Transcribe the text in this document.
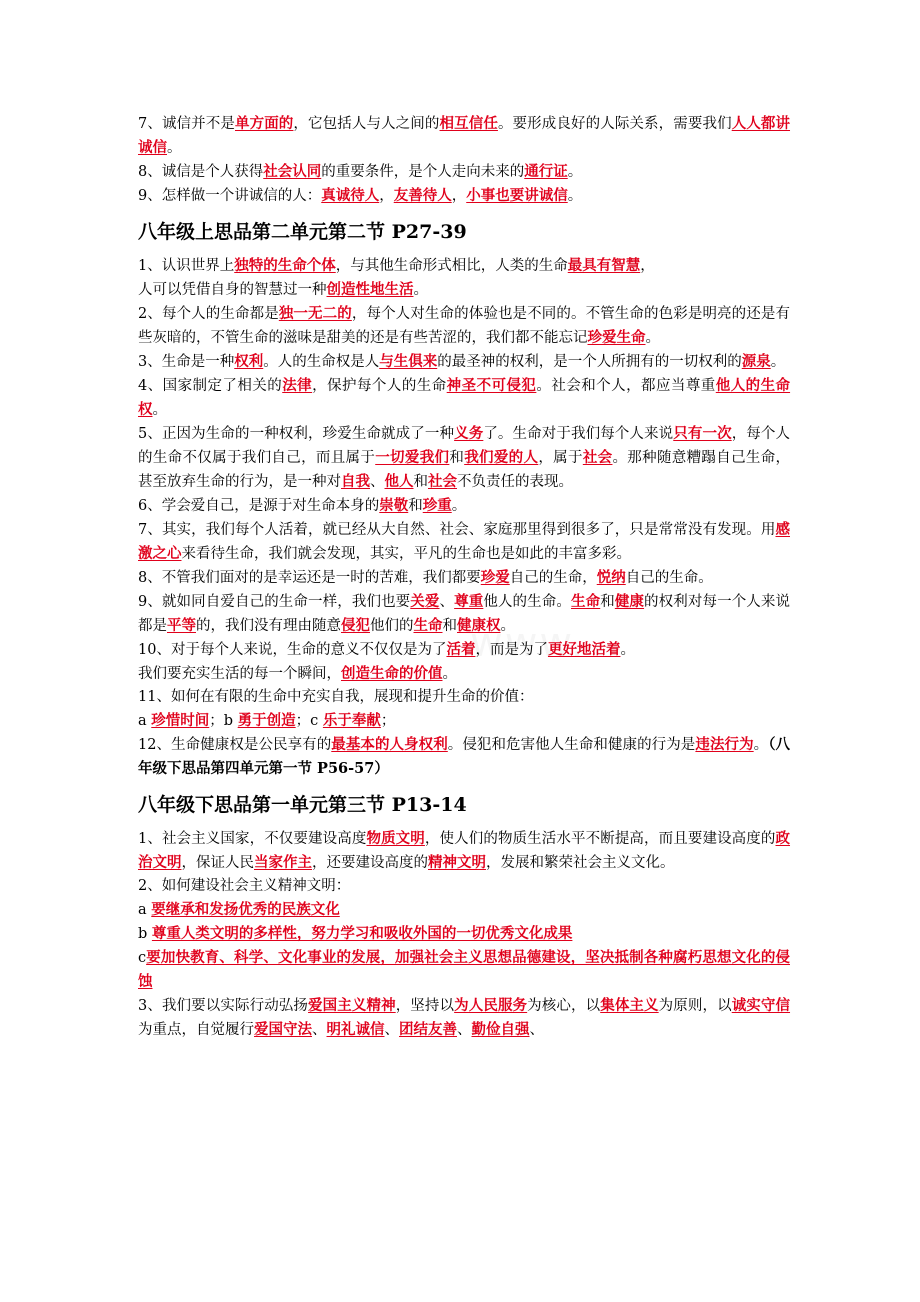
7、诚信并不是单方面的，它包括人与人之间的相互信任。要形成良好的人际关系，需要我们人人都讲诚信。
8、诚信是个人获得社会认同的重要条件，是个人走向未来的通行证。
9、怎样做一个讲诚信的人：真诚待人，友善待人，小事也要讲诚信。
八年级上思品第二单元第二节 P27-39
1、认识世界上独特的生命个体，与其他生命形式相比，人类的生命最具有智慧，
人可以凭借自身的智慧过一种创造性地生活。
2、每个人的生命都是独一无二的，每个人对生命的体验也是不同的。不管生命的色彩是明亮的还是有些灰暗的，不管生命的滋味是甜美的还是有些苦涩的，我们都不能忘记珍爱生命。
3、生命是一种权利。人的生命权是人与生俱来的最圣神的权利，是一个人所拥有的一切权利的源泉。
4、国家制定了相关的法律，保护每个人的生命神圣不可侵犯。社会和个人，都应当尊重他人的生命权。
5、正因为生命的一种权利，珍爱生命就成了一种义务了。生命对于我们每个人来说只有一次，每个人的生命不仅属于我们自己，而且属于一切爱我们和我们爱的人，属于社会。那种随意糟蹋自己生命，甚至放弃生命的行为，是一种对自我、他人和社会不负责任的表现。
6、学会爱自己，是源于对生命本身的崇敬和珍重。
7、其实，我们每个人活着，就已经从大自然、社会、家庭那里得到很多了，只是常常没有发现。用感激之心来看待生命，我们就会发现，其实，平凡的生命也是如此的丰富多彩。
8、不管我们面对的是幸运还是一时的苦难，我们都要珍爱自己的生命，悦纳自己的生命。
9、就如同自爱自己的生命一样，我们也要关爱、尊重他人的生命。生命和健康的权利对每一个人来说都是平等的，我们没有理由随意侵犯他们的生命和健康权。
10、对于每个人来说，生命的意义不仅仅是为了活着，而是为了更好地活着。
我们要充实生活的每一个瞬间，创造生命的价值。
11、如何在有限的生命中充实自我，展现和提升生命的价值：
a 珍惜时间；b 勇于创造；c 乐于奉献；
12、生命健康权是公民享有的最基本的人身权利。侵犯和危害他人生命和健康的行为是违法行为。（八年级下思品第四单元第一节 P56-57）
八年级下思品第一单元第三节 P13-14
1、社会主义国家，不仅要建设高度物质文明，使人们的物质生活水平不断提高，而且要建设高度的政治文明，保证人民当家作主，还要建设高度的精神文明，发展和繁荣社会主义文化。
2、如何建设社会主义精神文明：
a 要继承和发扬优秀的民族文化
b 尊重人类文明的多样性，努力学习和吸收外国的一切优秀文化成果
c要加快教育、科学、文化事业的发展，加强社会主义思想品德建设，坚决抵制各种腐朽思想文化的侵蚀
3、我们要以实际行动弘扬爱国主义精神，坚持以为人民服务为核心，以集体主义为原则，以诚实守信为重点，自觉履行爱国守法、明礼诚信、团结友善、勤俭自强、
